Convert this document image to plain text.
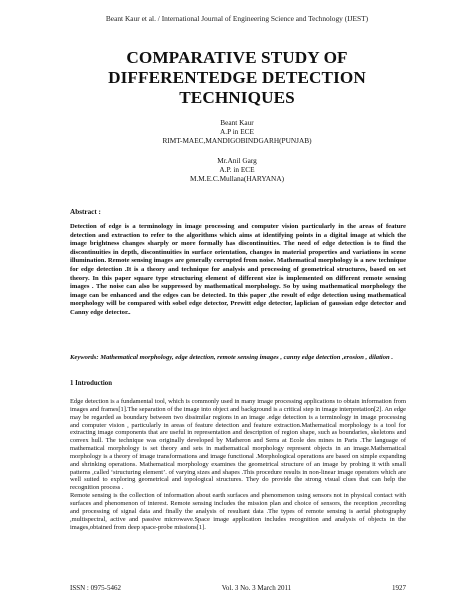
Beant Kaur et al. / International Journal of Engineering Science and Technology (IJEST)
COMPARATIVE STUDY OF
DIFFERENTEDGE DETECTION
TECHNIQUES
Beant Kaur
A.P in ECE
RIMT-MAEC,MANDIGOBINDGARH(PUNJAB)
Mr.Anil Garg
A.P. in ECE
M.M.E.C.Mullana(HARYANA)
Abstract :
Detection of edge is a terminology in image processing and computer vision particularly in the areas of feature detection and extraction to refer to the algorithms which aims at identifying points in a digital image at which the image brightness changes sharply or more formally has discontinuities. The need of edge detection is to find the discontinuities in depth, discontinuities in surface orientation, changes in material properties and variations in scene illumination. Remote sensing images are generally corrupted from noise. Mathematical morphology is a new technique for edge detection .It is a theory and technique for analysis and processing of geometrical structures, based on set theory. In this paper square type structuring element of different size is implemented on different remote sensing images . The noise can also be suppressed by mathematical morphology. So by using mathematical morphology the image can be enhanced and the edges can be detected. In this paper ,the result of edge detection using mathematical morphology will be compared with sobel edge detector, Prewitt edge detector, laplician of gaussian edge detector and Canny edge detector..
Keywords: Mathematical morphology, edge detection, remote sensing images , canny edge detection ,erosion , dilation .
1 Introduction

Edge detection is a fundamental tool, which is commonly used in many image processing applications to obtain information from images and frames[1].The separation of the image into object and background is a critical step in image interpretation[2]. An edge may be regarded as boundary between two dissimilar regions in an image .edge detection is a terminology in image processing and computer vision , particularly in areas of feature detection and feature extraction.Mathematical morphology is a tool for extracting image components that are useful in representation and description of region shape, such as boundaries, skeletons and convex hull. The technique was originally developed by Matheron and Serra at Ecole des mines in Paris .The language of mathematical morphology is set theory and sets in mathematical morphology represent objects in an image.Mathematical morphology is a theory of image transformations and image functional .Morphological operations are based on simple expanding and shrinking operations. Mathematical morphology examines the geometrical structure of an image by probing it with small patterns ,called ‘structuring element’. of varying sizes and shapes .This procedure results in non-linear image operators which are well suited to exploring geometrical and topological structures. They do provide the strong visual clues that can help the recognition process .

Remote sensing is the collection of information about earth surfaces and phenomenon using sensors not in physical contact with surfaces and phenomenon of interest. Remote sensing includes the mission plan and choice of sensors, the reception ,recording and processing of signal data and finally the analysis of resultant data .The types of remote sensing is aerial photography ,multispectral, active and passive microwave.Space image application includes recognition and analysis of objects in the images,obtained from deep space-probe missions[1].

ISSN : 0975-5462	Vol. 3 No. 3 March 2011	1927
